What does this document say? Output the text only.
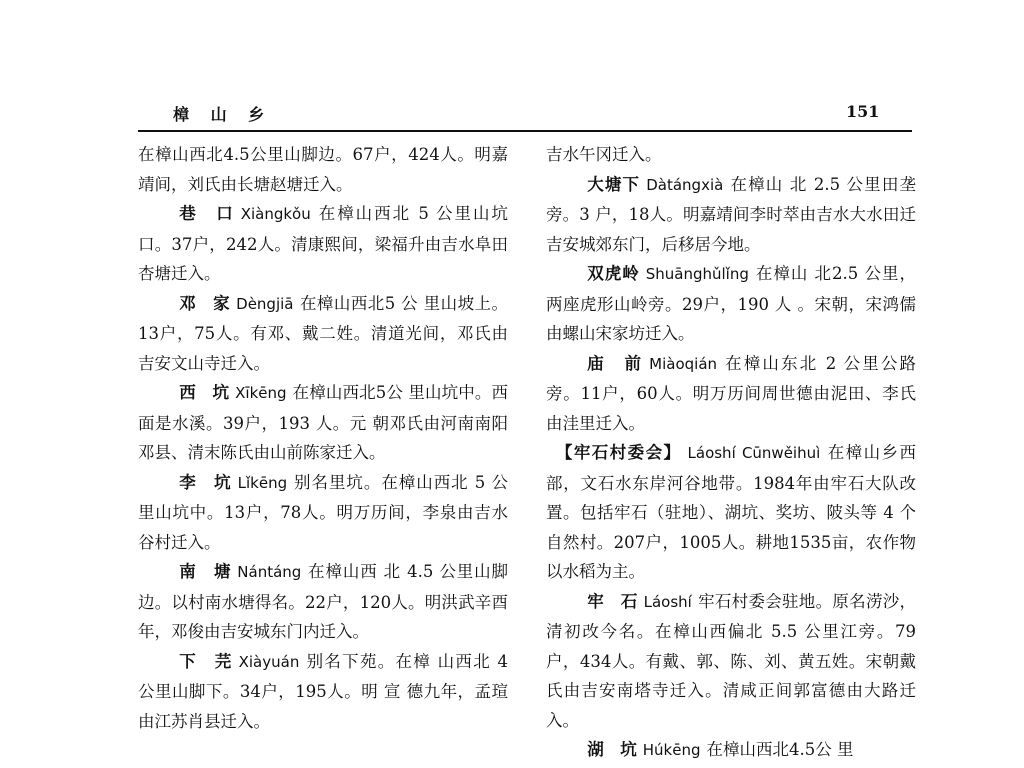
樟 山 乡	151

在樟山西北4.5公里山脚边。67户，424人。明嘉靖间，刘氏由长塘赵塘迁入。

巷　口 Xiàngkǒu 在樟山西北 5 公里山坑口。37户，242人。清康熙间，梁福升由吉水阜田杏塘迁入。

邓　家 Dèngjiā 在樟山西北5 公 里山坡上。13户，75人。有邓、戴二姓。清道光间，邓氏由吉安文山寺迁入。

西　坑 Xīkēng 在樟山西北5公 里山坑中。西面是水溪。39户，193 人。元 朝邓氏由河南南阳邓县、清末陈氏由山前陈家迁入。

李　坑 Lǐkēng 别名里坑。在樟山西北 5 公里山坑中。13户，78人。明万历间，李泉由吉水谷村迁入。

南　塘 Nántáng 在樟山西 北 4.5 公里山脚边。以村南水塘得名。22户，120人。明洪武辛酉年，邓俊由吉安城东门内迁入。

下　芫 Xiàyuán 别名下苑。在樟 山西北 4 公里山脚下。34户，195人。明 宣 德九年，孟瑄由江苏肖县迁入。

吉水午冈迁入。

大塘下 Dàtángxià 在樟山 北 2.5 公里田垄旁。3 户，18人。明嘉靖间李时萃由吉水大水田迁吉安城郊东门，后移居今地。

双虎岭 Shuānghǔlǐng 在樟山 北2.5 公里，两座虎形山岭旁。29户，190 人 。宋朝，宋鸿儒由螺山宋家坊迁入。

庙　前 Miàoqián 在樟山东北 2 公里公路旁。11户，60人。明万历间周世德由泥田、李氏由洼里迁入。

【牢石村委会】 Láoshí Cūnwěihuì 在樟山乡西部，文石水东岸河谷地带。1984年由牢石大队改置。包括牢石（驻地）、湖坑、奖坊、陂头等 4 个自然村。207户，1005人。耕地1535亩，农作物以水稻为主。

牢　石 Láoshí 牢石村委会驻地。原名涝沙，清初改今名。在樟山西偏北 5.5 公里江旁。79户，434人。有戴、郭、陈、刘、黄五姓。宋朝戴氏由吉安南塔寺迁入。清咸正间郭富德由大路迁入。

湖　坑 Húkēng 在樟山西北4.5公 里
